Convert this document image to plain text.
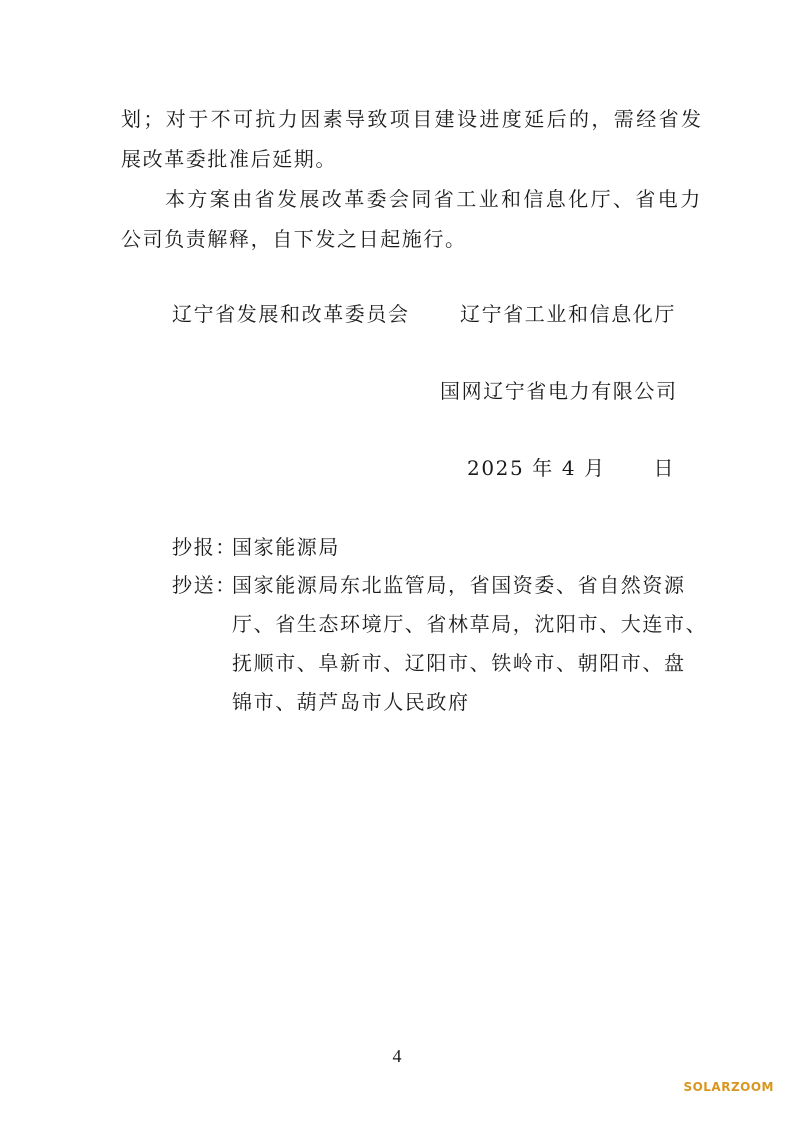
划；对于不可抗力因素导致项目建设进度延后的，需经省发
展改革委批准后延期。
本方案由省发展改革委会同省工业和信息化厅、省电力
公司负责解释，自下发之日起施行。
辽宁省发展和改革委员会	辽宁省工业和信息化厅
国网辽宁省电力有限公司
2025 年 4 月      日
抄报：
国家能源局
抄送：
国家能源局东北监管局，省国资委、省自然资源
厅、省生态环境厅、省林草局，沈阳市、大连市、
抚顺市、阜新市、辽阳市、铁岭市、朝阳市、盘
锦市、葫芦岛市人民政府
4
SOLARZOOM
